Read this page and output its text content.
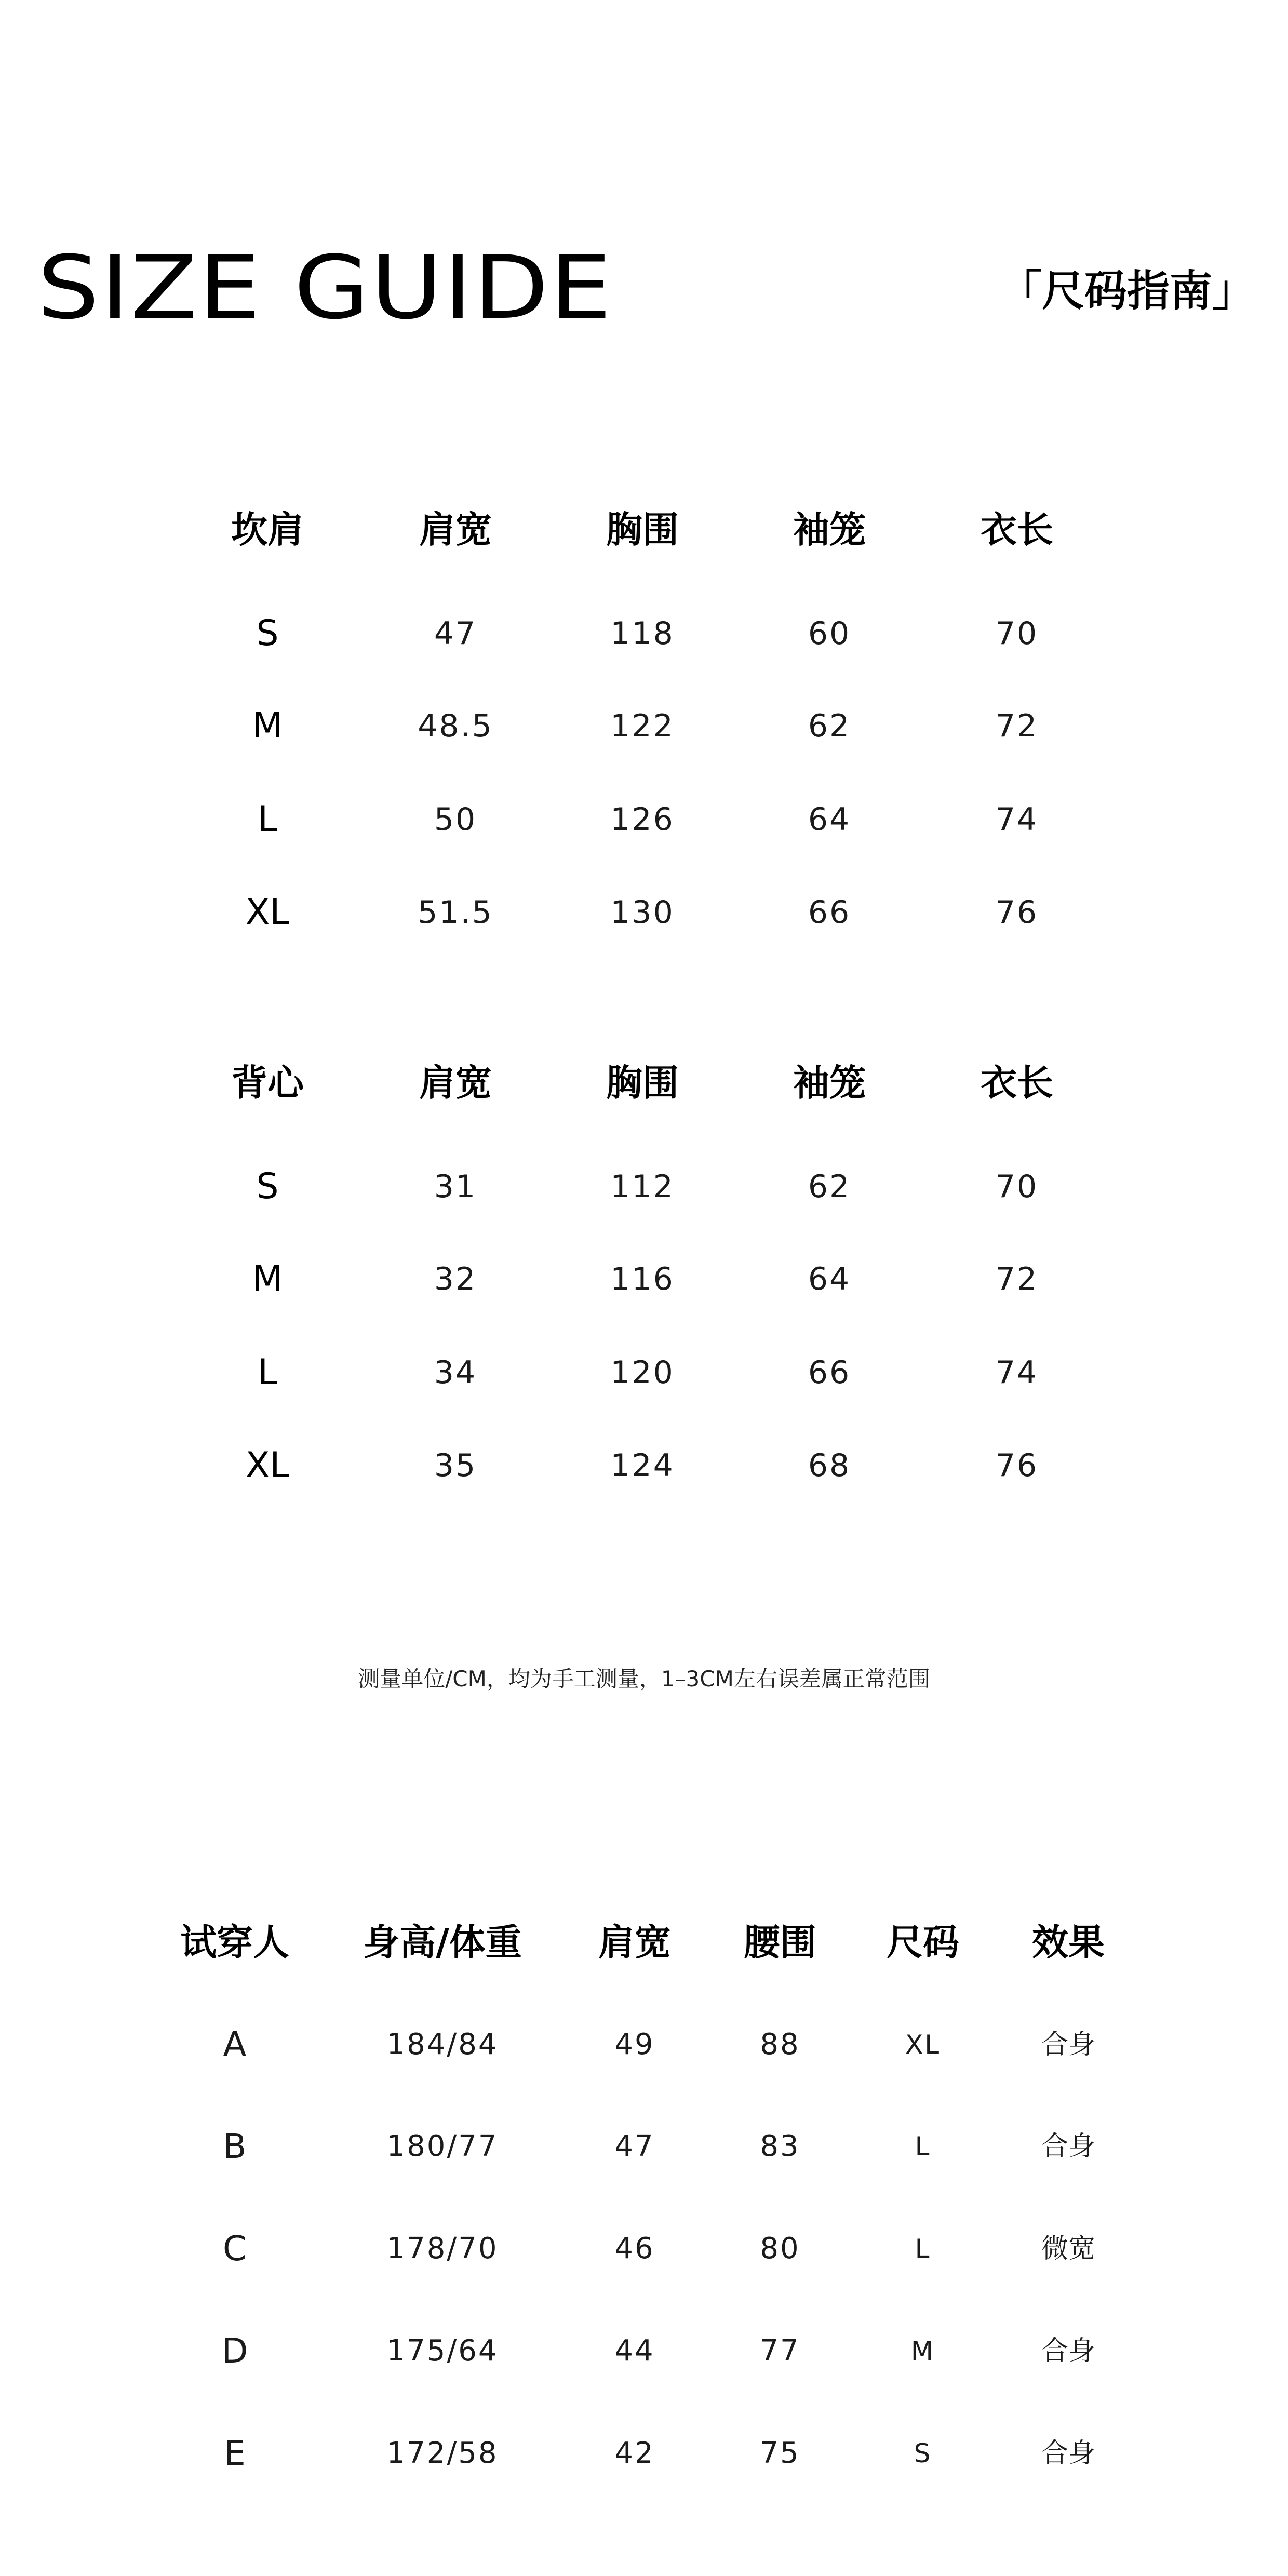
SIZE GUIDE	「尺码指南」
坎肩	肩宽	胸围	袖笼	衣长
S	47	118	60	70
M	48.5	122	62	72
L	50	126	64	74
XL	51.5	130	66	76
背心	肩宽	胸围	袖笼	衣长
S	31	112	62	70
M	32	116	64	72
L	34	120	66	74
XL	35	124	68	76
测量单位/CM，均为手工测量，1–3CM左右误差属正常范围
试穿人	身高/体重	肩宽	腰围	尺码	效果
A	184/84	49	88	XL	合身
B	180/77	47	83	L	合身
C	178/70	46	80	L	微宽
D	175/64	44	77	M	合身
E	172/58	42	75	S	合身
